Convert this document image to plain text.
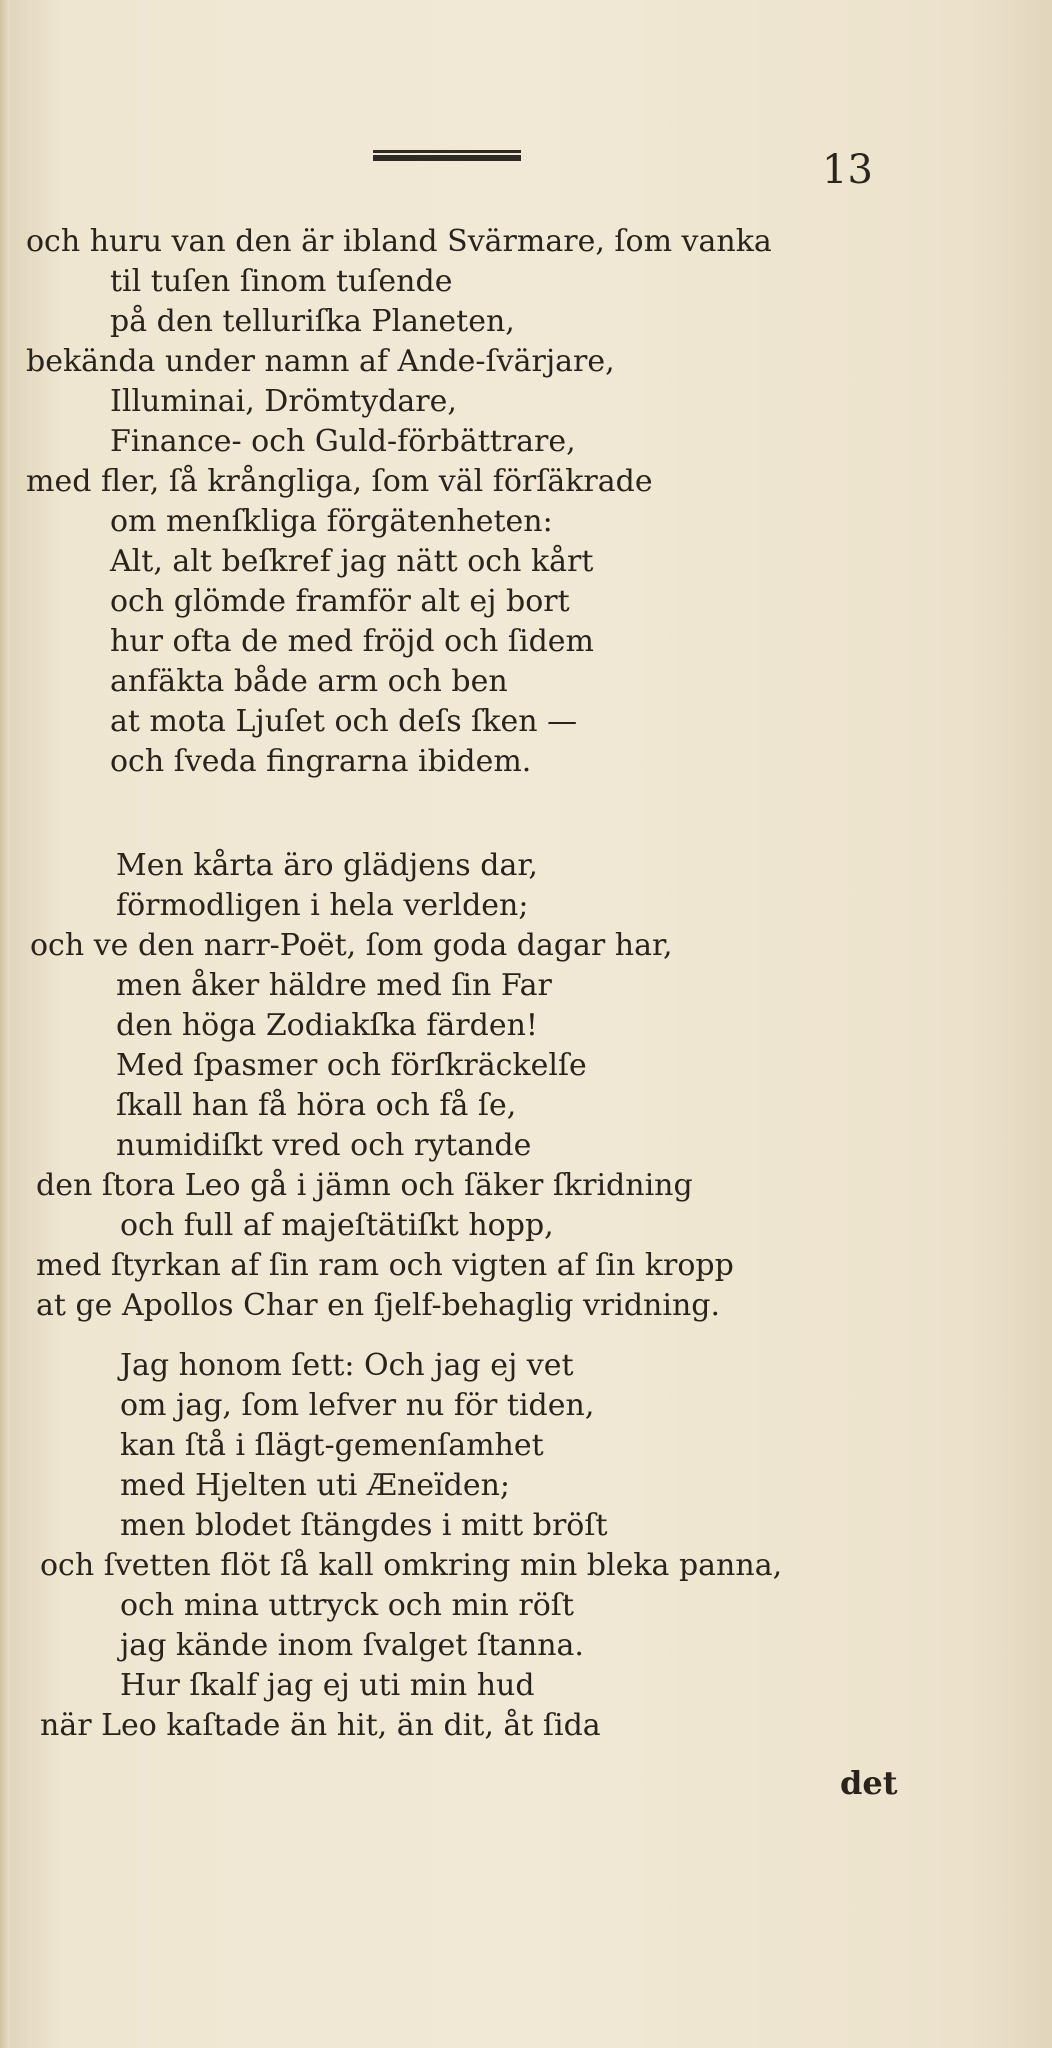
13
och huru van den är ibland Svärmare, ſom vanka
til tuſen ſinom tuſende
på den telluriſka Planeten,
bekända under namn af Ande-ſvärjare,
Illuminai, Drömtydare,
Finance- och Guld-förbättrare,
med fler, ſå krångliga, ſom väl förſäkrade
om menſkliga förgätenheten:
Alt, alt beſkref jag nätt och kårt
och glömde framför alt ej bort
hur ofta de med fröjd och ſidem
anfäkta både arm och ben
at mota Ljuſet och deſs ſken —
och ſveda fingrarna ibidem.
Men kårta äro glädjens dar,
förmodligen i hela verlden;
och ve den narr-Poët, ſom goda dagar har,
men åker häldre med ſin Far
den höga Zodiakſka färden!
Med ſpasmer och förſkräckelſe
ſkall han få höra och få ſe,
numidiſkt vred och rytande
den ſtora Leo gå i jämn och ſäker ſkridning
och full af majeſtätiſkt hopp,
med ſtyrkan af ſin ram och vigten af ſin kropp
at ge Apollos Char en ſjelf-behaglig vridning.
Jag honom ſett: Och jag ej vet
om jag, ſom lefver nu för tiden,
kan ſtå i ſlägt-gemenſamhet
med Hjelten uti Æneïden;
men blodet ſtängdes i mitt bröſt
och ſvetten flöt ſå kall omkring min bleka panna,
och mina uttryck och min röſt
jag kände inom ſvalget ſtanna.
Hur ſkalf jag ej uti min hud
när Leo kaſtade än hit, än dit, åt ſida
det
